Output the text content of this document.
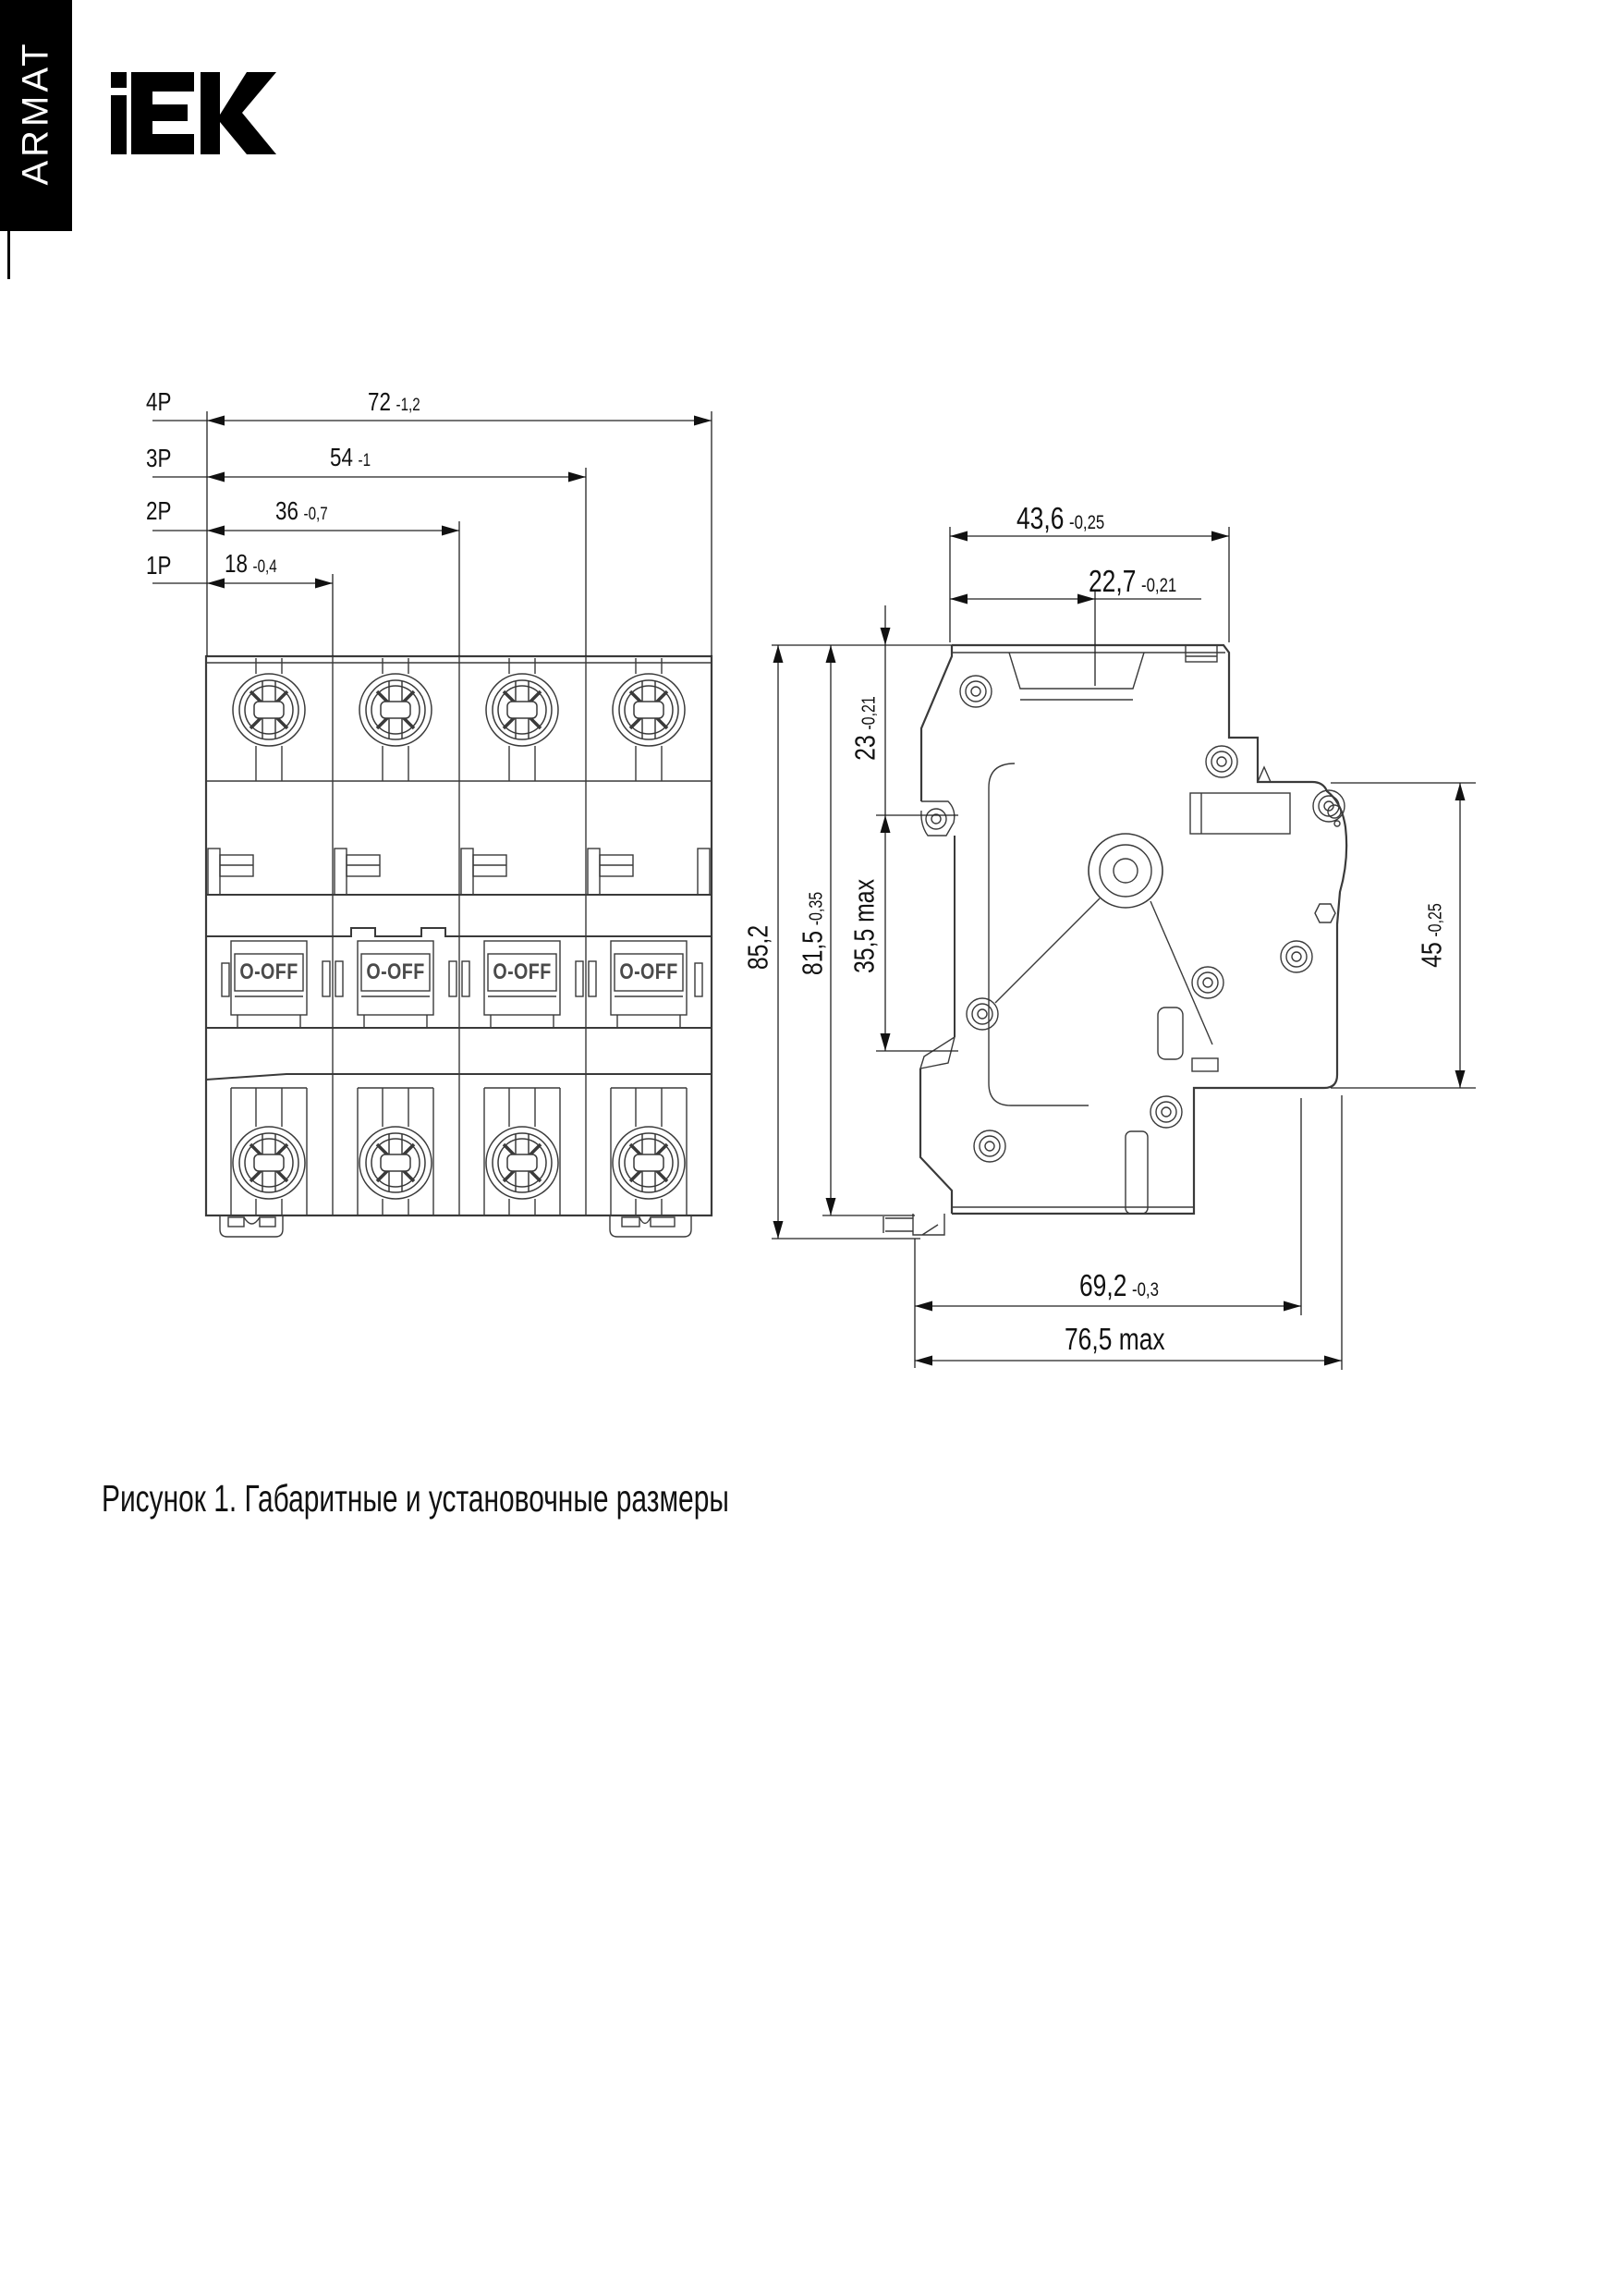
ARMAT
4P
3P
2P
1P
72 -1,2
54 -1
36 -0,7
18 -0,4
43,6 -0,25
22,7 -0,21
69,2 -0,3
76,5 max
85,2 81,5-0,35
23-0,21
35,5 max	45-0,25
O-OFF	O-OFF	O-OFF	O-OFF
Рисунок 1. Габаритные и установочные размеры
